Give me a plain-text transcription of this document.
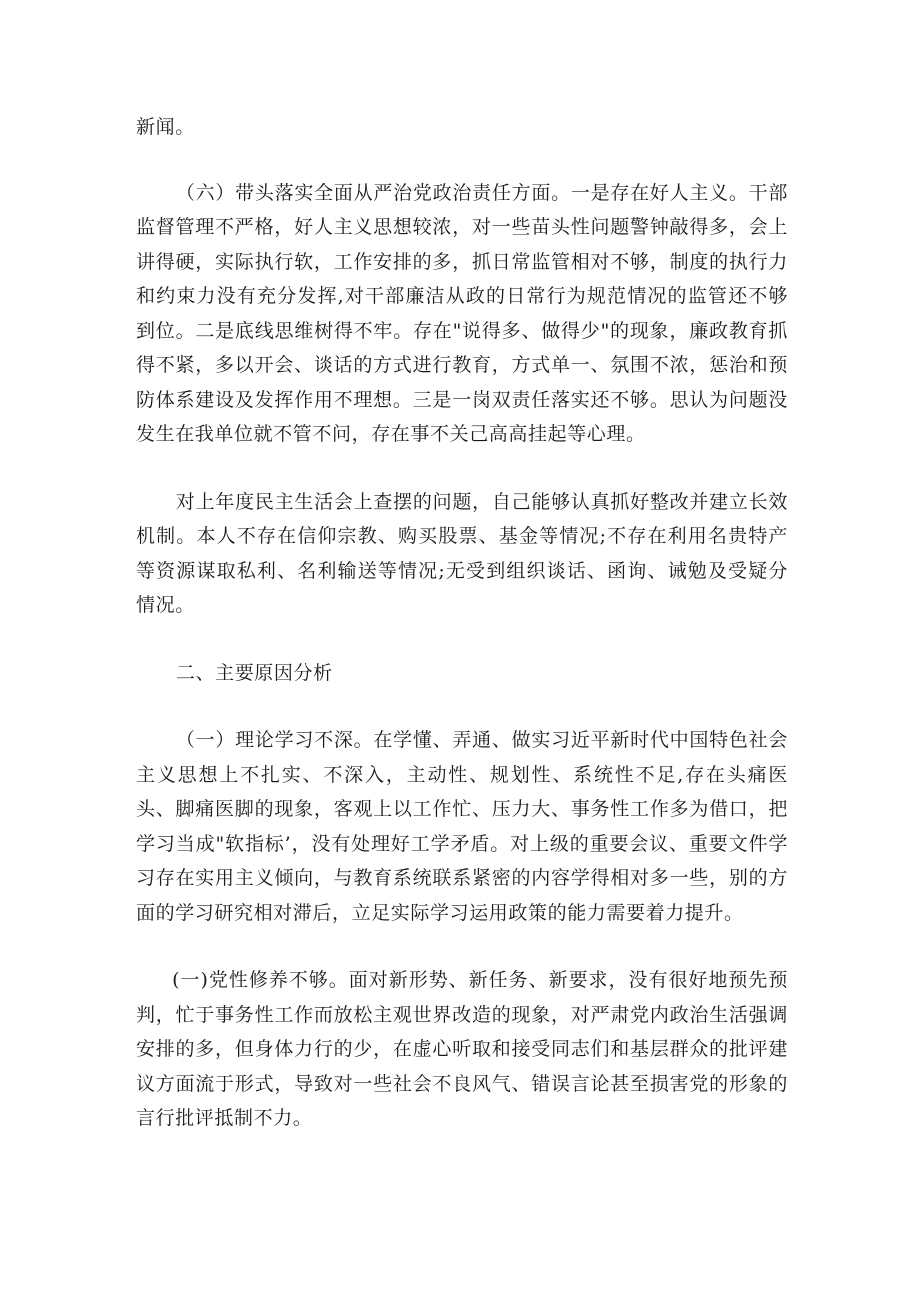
新闻。

（六）带头落实全面从严治党政治责任方面。一是存在好人主义。干部监督管理不严格，好人主义思想较浓，对一些苗头性问题警钟敲得多，会上讲得硬，实际执行软，工作安排的多，抓日常监管相对不够，制度的执行力和约束力没有充分发挥,对干部廉洁从政的日常行为规范情况的监管还不够到位。二是底线思维树得不牢。存在"说得多、做得少"的现象，廉政教育抓得不紧，多以开会、谈话的方式进行教育，方式单一、氛围不浓，惩治和预防体系建设及发挥作用不理想。三是一岗双责任落实还不够。思认为问题没发生在我单位就不管不问，存在事不关己高高挂起等心理。

对上年度民主生活会上查摆的问题，自己能够认真抓好整改并建立长效机制。本人不存在信仰宗教、购买股票、基金等情况;不存在利用名贵特产等资源谋取私利、名利输送等情况;无受到组织谈话、函询、诫勉及受疑分情况。

二、主要原因分析

（一）理论学习不深。在学懂、弄通、做实习近平新时代中国特色社会主义思想上不扎实、不深入，主动性、规划性、系统性不足,存在头痛医头、脚痛医脚的现象，客观上以工作忙、压力大、事务性工作多为借口，把学习当成"软指标’，没有处理好工学矛盾。对上级的重要会议、重要文件学习存在实用主义倾向，与教育系统联系紧密的内容学得相对多一些，别的方面的学习研究相对滞后，立足实际学习运用政策的能力需要着力提升。

(一)党性修养不够。面对新形势、新任务、新要求，没有很好地预先预判，忙于事务性工作而放松主观世界改造的现象，对严肃党内政治生活强调安排的多，但身体力行的少，在虚心听取和接受同志们和基层群众的批评建议方面流于形式，导致对一些社会不良风气、错误言论甚至损害党的形象的言行批评抵制不力。
